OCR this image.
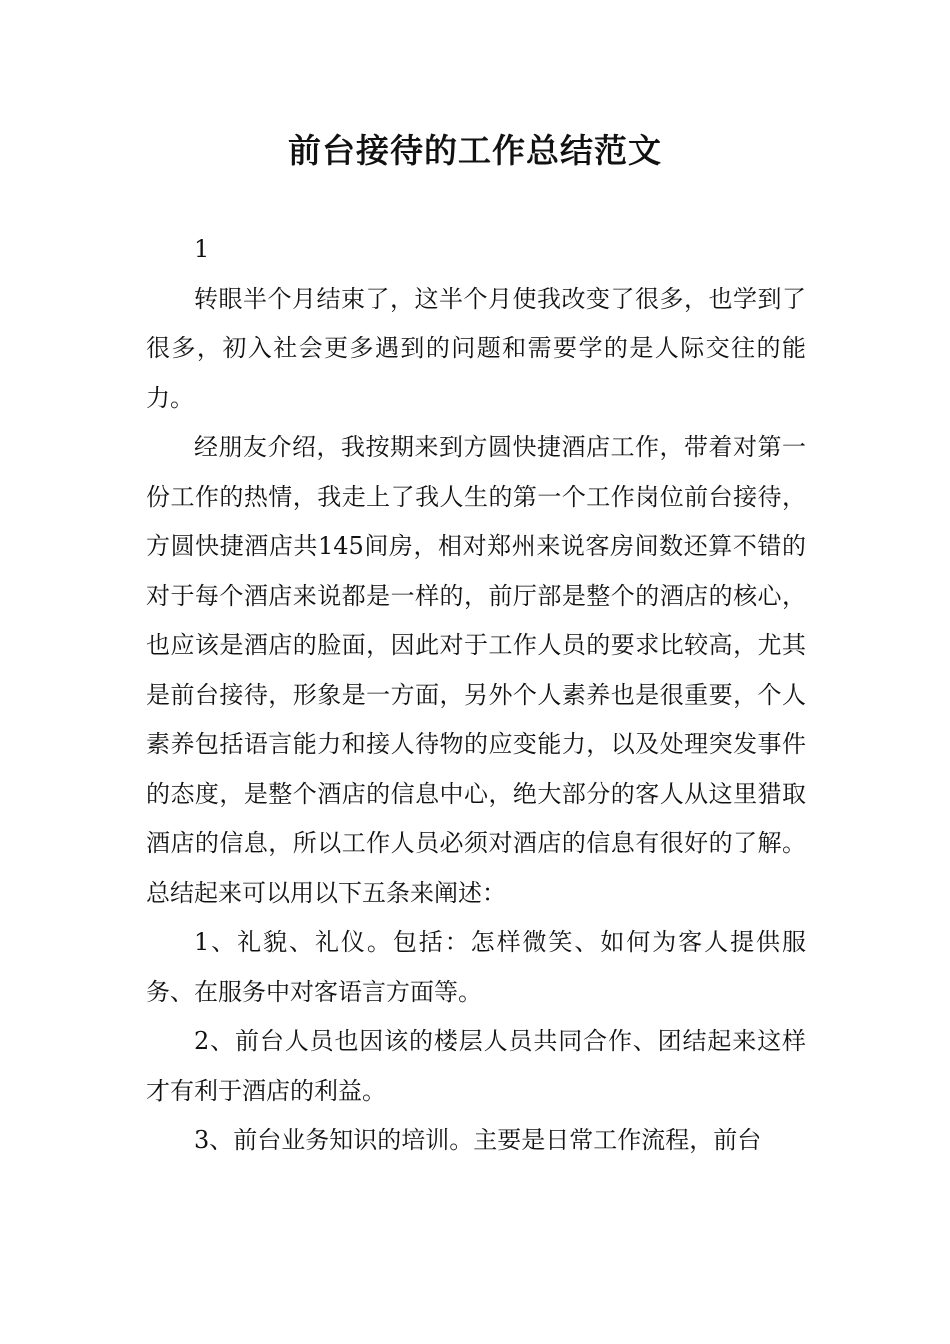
前台接待的工作总结范文

1

转眼半个月结束了，这半个月使我改变了很多，也学到了很多，初入社会更多遇到的问题和需要学的是人际交往的能力。

经朋友介绍，我按期来到方圆快捷酒店工作，带着对第一份工作的热情，我走上了我人生的第一个工作岗位前台接待，方圆快捷酒店共145间房，相对郑州来说客房间数还算不错的对于每个酒店来说都是一样的，前厅部是整个的酒店的核心，也应该是酒店的脸面，因此对于工作人员的要求比较高，尤其是前台接待，形象是一方面，另外个人素养也是很重要，个人素养包括语言能力和接人待物的应变能力，以及处理突发事件的态度，是整个酒店的信息中心，绝大部分的客人从这里猎取酒店的信息，所以工作人员必须对酒店的信息有很好的了解。总结起来可以用以下五条来阐述：

1、礼貌、礼仪。包括：怎样微笑、如何为客人提供服务、在服务中对客语言方面等。

2、前台人员也因该的楼层人员共同合作、团结起来这样才有利于酒店的利益。

3、前台业务知识的培训。主要是日常工作流程，前台
